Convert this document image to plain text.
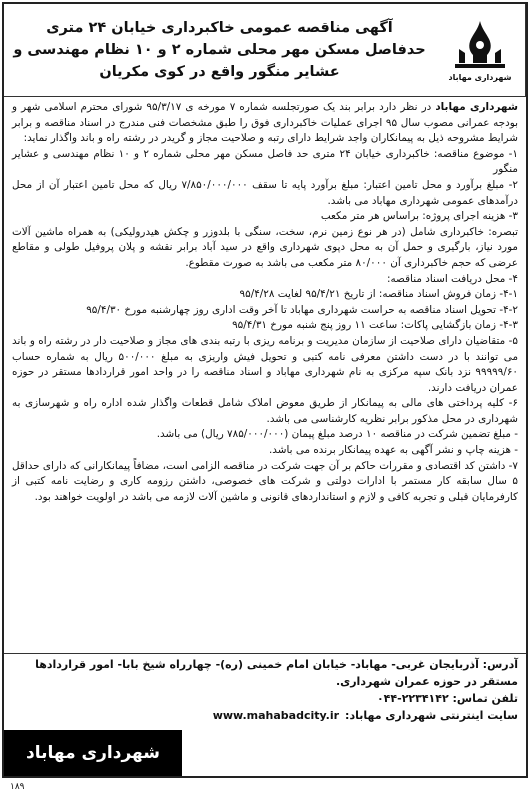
شهرداری مهاباد
آگهی مناقصه عمومی خاکبرداری خیابان ۲۴ متری
حدفاصل مسکن مهر محلی شماره ۲ و ۱۰ نظام مهندسی و
عشایر منگور واقع در کوی مکریان

شهرداری مهاباد در نظر دارد برابر بند یک صورتجلسه شماره ۷ مورخه ی ۹۵/۳/۱۷ شورای محترم اسلامی شهر و بودجه عمرانی مصوب سال ۹۵ اجرای عملیات خاکبرداری فوق را طبق مشخصات فنی مندرج در اسناد مناقصه و برابر شرایط مشروحه ذیل به پیمانکاران واجد شرایط دارای رتبه و صلاحیت مجاز و گریدر در رشته راه و باند واگذار نماید:

۱- موضوع مناقصه: خاکبرداری خیابان ۲۴ متری حد فاصل مسکن مهر محلی شماره ۲ و ۱۰ نظام مهندسی و عشایر منگور

۲- مبلغ برآورد و محل تامین اعتبار: مبلغ برآورد پایه تا سقف ۷/۸۵۰/۰۰۰/۰۰۰ ریال که محل تامین اعتبار آن از محل درآمدهای عمومی شهرداری مهاباد می باشد.

۳- هزینه اجرای پروژه: براساس هر متر مکعب

تبصره: خاکبرداری شامل (در هر نوع زمین نرم، سخت، سنگی با بلدوزر و چکش هیدرولیکی) به همراه ماشین آلات مورد نیاز، بارگیری و حمل آن به محل دپوی شهرداری واقع در سید آباد برابر نقشه و پلان پروفیل طولی و مقاطع عرضی که حجم خاکبرداری آن ۸۰/۰۰۰ متر مکعب می باشد به صورت مقطوع.

۴- محل دریافت اسناد مناقصه:

۴-۱- زمان فروش اسناد مناقصه: از تاریخ ۹۵/۴/۲۱ لغایت ۹۵/۴/۲۸

۴-۲- تحویل اسناد مناقصه به حراست شهرداری مهاباد تا آخر وقت اداری روز چهارشنبه مورخ ۹۵/۴/۳۰

۴-۳- زمان بازگشایی پاکات: ساعت ۱۱ روز پنج شنبه مورخ ۹۵/۴/۳۱

۵- متقاضیان دارای صلاحیت از سازمان مدیریت و برنامه ریزی با رتبه بندی های مجاز و صلاحیت دار در رشته راه و باند می توانند با در دست داشتن معرفی نامه کتبی و تحویل فیش واریزی به مبلغ ۵۰۰/۰۰۰ ریال به شماره حساب ۹۹۹۹۹/۶۰ نزد بانک سپه مرکزی به نام شهرداری مهاباد و اسناد مناقصه را در واحد امور قراردادها مستقر در حوزه عمران دریافت دارند.

۶- کلیه پرداختی های مالی به پیمانکار از طریق معوض املاک شامل قطعات واگذار شده اداره راه و شهرسازی به شهرداری در محل مذکور برابر نظریه کارشناسی می باشد.

- مبلغ تضمین شرکت در مناقصه ۱۰ درصد مبلغ پیمان (۷۸۵/۰۰۰/۰۰۰ ریال) می باشد.

- هزینه چاپ و نشر آگهی به عهده پیمانکار برنده می باشد.

۷- داشتن کد اقتصادی و مقررات حاکم بر آن جهت شرکت در مناقصه الزامی است، مضافاً پیمانکارانی که دارای حداقل ۵ سال سابقه کار مستمر با ادارات دولتی و شرکت های خصوصی، داشتن رزومه کاری و رضایت نامه کتبی از کارفرمایان قبلی و تجربه کافی و لازم و استانداردهای قانونی و ماشین آلات لازمه می باشد در اولویت خواهند بود.

آدرس: آذربایجان غربی- مهاباد- خیابان امام خمینی (ره)- چهارراه شیخ بابا- امور قراردادها مستقر در حوزه عمران شهرداری.
تلفن تماس: ۲۲۳۴۱۴۲-۰۴۴
سایت اینترنتی شهرداری مهاباد:
www.mahabadcity.ir
شهرداری مهاباد
۱۸۹
